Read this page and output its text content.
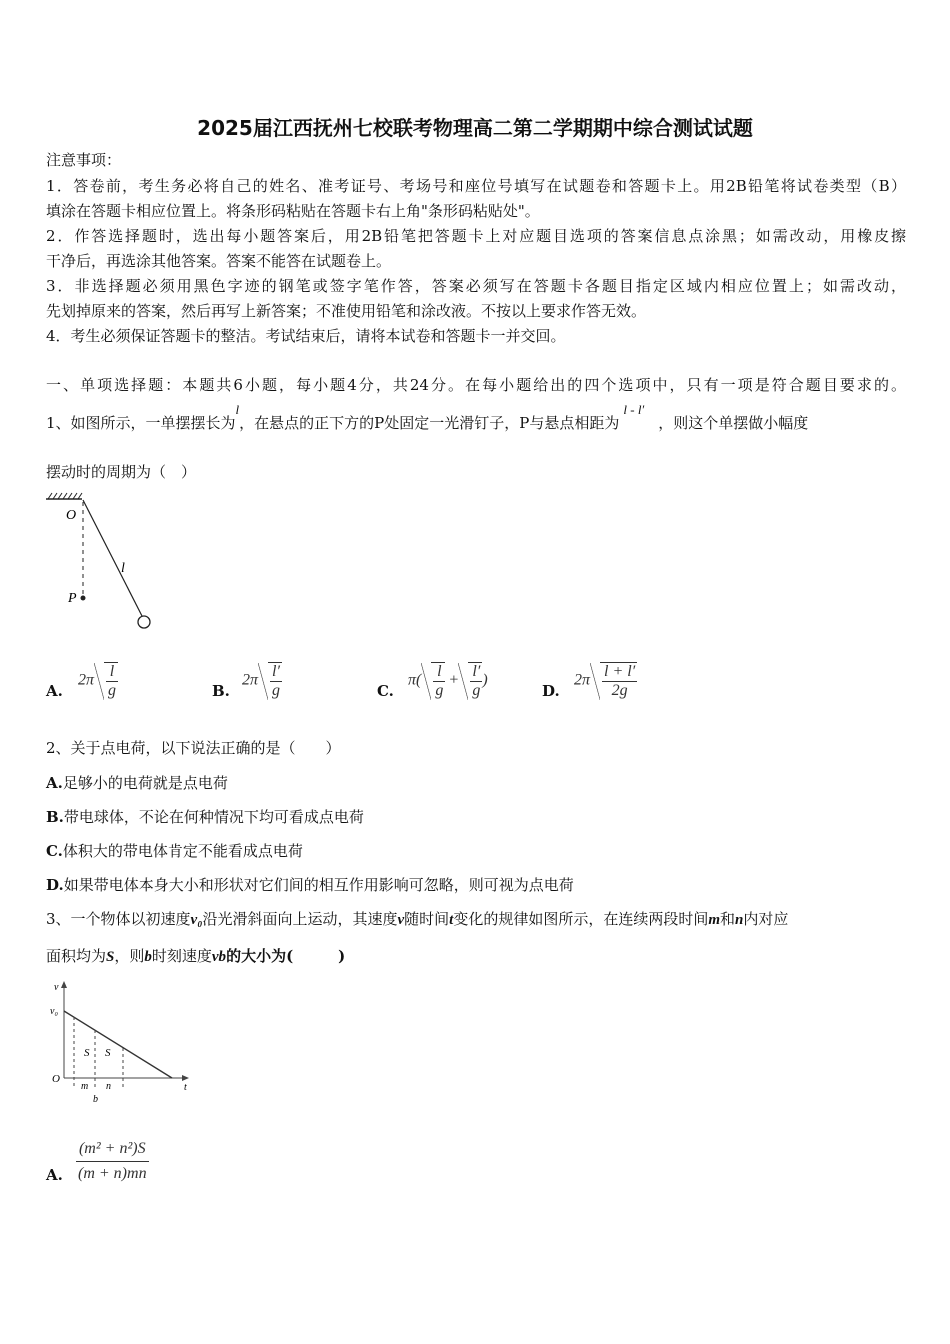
2025届江西抚州七校联考物理高二第二学期期中综合测试试题
注意事项：
1．答卷前，考生务必将自己的姓名、准考证号、考场号和座位号填写在试题卷和答题卡上。用2B铅笔将试卷类型（B）
填涂在答题卡相应位置上。将条形码粘贴在答题卡右上角"条形码粘贴处"。
2．作答选择题时，选出每小题答案后，用2B铅笔把答题卡上对应题目选项的答案信息点涂黑；如需改动，用橡皮擦
干净后，再选涂其他答案。答案不能答在试题卷上。
3．非选择题必须用黑色字迹的钢笔或签字笔作答，答案必须写在答题卡各题目指定区域内相应位置上；如需改动，
先划掉原来的答案，然后再写上新答案；不准使用铅笔和涂改液。不按以上要求作答无效。
4．考生必须保证答题卡的整洁。考试结束后，请将本试卷和答题卡一并交回。
一、单项选择题：本题共6小题，每小题4分，共24分。在每小题给出的四个选项中，只有一项是符合题目要求的。
1、如图所示，一单摆摆长为l，在悬点的正下方的P处固定一光滑钉子，P与悬点相距为l - l′，则这个单摆做小幅度
摆动时的周期为（　）
O
P
l
A.
$2\pi \frac{l}{g}$	B.
$2\pi \frac{l'}{g}$	C.
$\pi( \frac{l}{g} + \frac{l'}{g}$ )
D.
$2\pi \frac{l + l'}{2g}$
2、关于点电荷，以下说法正确的是（　　）
A.足够小的电荷就是点电荷
B.带电球体，不论在何种情况下均可看成点电荷
C.体积大的带电体肯定不能看成点电荷
D.如果带电体本身大小和形状对它们间的相互作用影响可忽略，则可视为点电荷
3、一个物体以初速度v₀沿光滑斜面向上运动，其速度v随时间t变化的规律如图所示，在连续两段时间m和n内对应
面积均为S，则b时刻速度vb的大小为(　　　)
v
v₀
O
t
m n
b
S S
A. $\frac{\text{(m² + n²)S}}{(m + n)mn}$
